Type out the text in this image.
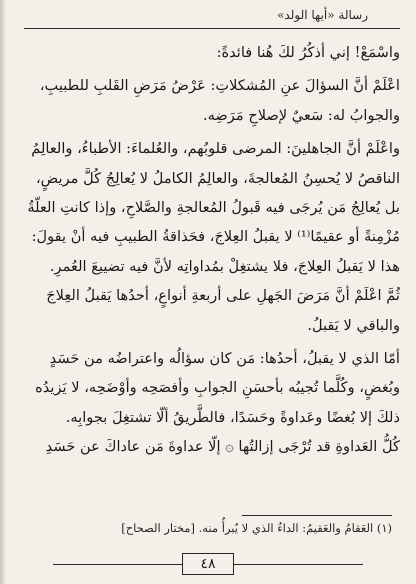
رسالة «أيها الولد»
واسْمَعْ! إني أذكُرُ لكَ هُنا فائدةً:
اعْلَمْ أنَّ السؤالَ عنِ المُشكلاتِ: عَرْضُ مَرَضِ القَلبِ للطبيبِ،
والجوابُ له: سَعيٌ لإصلاحِ مَرَضِه.
واعْلَمْ أنَّ الجاهلينَ: المرضى قلوبُهم، والعُلماءَ: الأطباءُ، والعالِمُ
الناقصُ لا يُحسِنُ المُعالجةَ، والعالِمُ الكاملُ لا يُعالِجُ كُلَّ مريضٍ،
بل يُعالِجُ مَن يُرجَى فيه قَبولُ المُعالجةِ والصَّلاحِ، وإذا كانتِ العلّةُ
مُزْمِنةً أو عقيمًا⁽¹⁾ لا يقبلُ العِلاجَ، فحَذاقةُ الطبيبِ فيه أنْ يقولَ:
هذا لا يَقبلُ العِلاجَ، فلا يشتغِلْ بمُداواتِه لأنَّ فيه تضييعَ العُمرِ.
ثُمَّ اعْلَمْ أنَّ مَرَضَ الجَهلِ على أربعةِ أنواعٍ، أحدُها يَقبلُ العِلاجَ
والباقي لا يَقبلُ.
أمّا الذي لا يقبلُ، أحدُها: مَن كان سؤالُه واعتراضُه من حَسَدٍ
وبُغضٍ، وكُلَّما تُجيبُه بأحسَنِ الجوابِ وأفصَحِه وأوْضَحِه، لا يَزيدُه
ذلكَ إلا بُغضًا وعَداوةً وحَسَدًا، فالطَّريقُ ألّا تشتغِلَ بجوابِه.
كُلُّ العَداوةِ قد تُرْجَى إزالتُها ۞ إلّا عداوةَ مَن عاداكَ عن حَسَدِ
(١) العَقامُ والعَقيمُ: الداءُ الذي لا يُبرأُ منه. [مختار الصحاح]
٤٨
